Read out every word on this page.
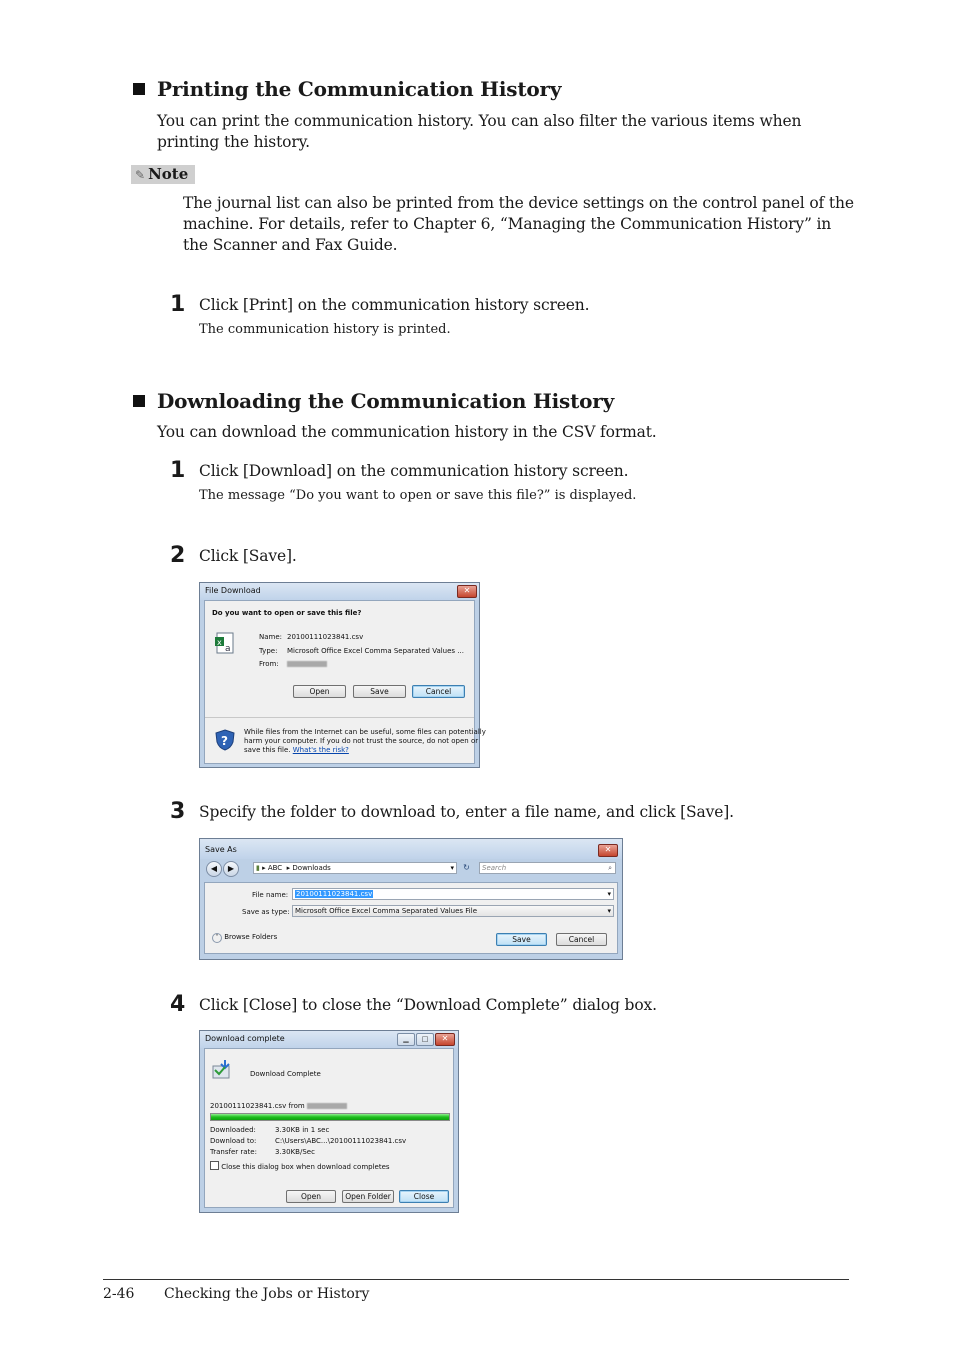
Printing the Communication History
You can print the communication history. You can also filter the various items when
printing the history.
✎ Note
The journal list can also be printed from the device settings on the control panel of the
machine. For details, refer to Chapter 6, “Managing the Communication History” in
the Scanner and Fax Guide.
1 Click [Print] on the communication history screen.
The communication history is printed.
Downloading the Communication History
You can download the communication history in the CSV format.
1 Click [Download] on the communication history screen.
The message “Do you want to open or save this file?” is displayed.
2 Click [Save].
File Download	✕
Do you want to open or save this file?
x
a
Name: 20100111023841.csv
Type: Microsoft Office Excel Comma Separated Values ...
From:
Open	Save	Cancel
?
While files from the Internet can be useful, some files can potentially
harm your computer. If you do not trust the source, do not open or
save this file. What's the risk?
3 Specify the folder to download to, enter a file name, and click [Save].
Save As	✕
◀	▶	▮ ▸ ABC  ▸ Downloads	▾	↻	Search	⌕
File name:	20100111023841.csv	▾
Save as type: Microsoft Office Excel Comma Separated Values File	▾
˄ Browse Folders	Save	Cancel
4 Click [Close] to close the “Download Complete” dialog box.
Download complete	▁	□	✕
Download Complete
20100111023841.csv from
Downloaded:	3.30KB in 1 sec
Download to:	C:\Users\ABC...\20100111023841.csv
Transfer rate:	3.30KB/Sec
Close this dialog box when download completes
Open	Open Folder	Close
2-46 Checking the Jobs or History
